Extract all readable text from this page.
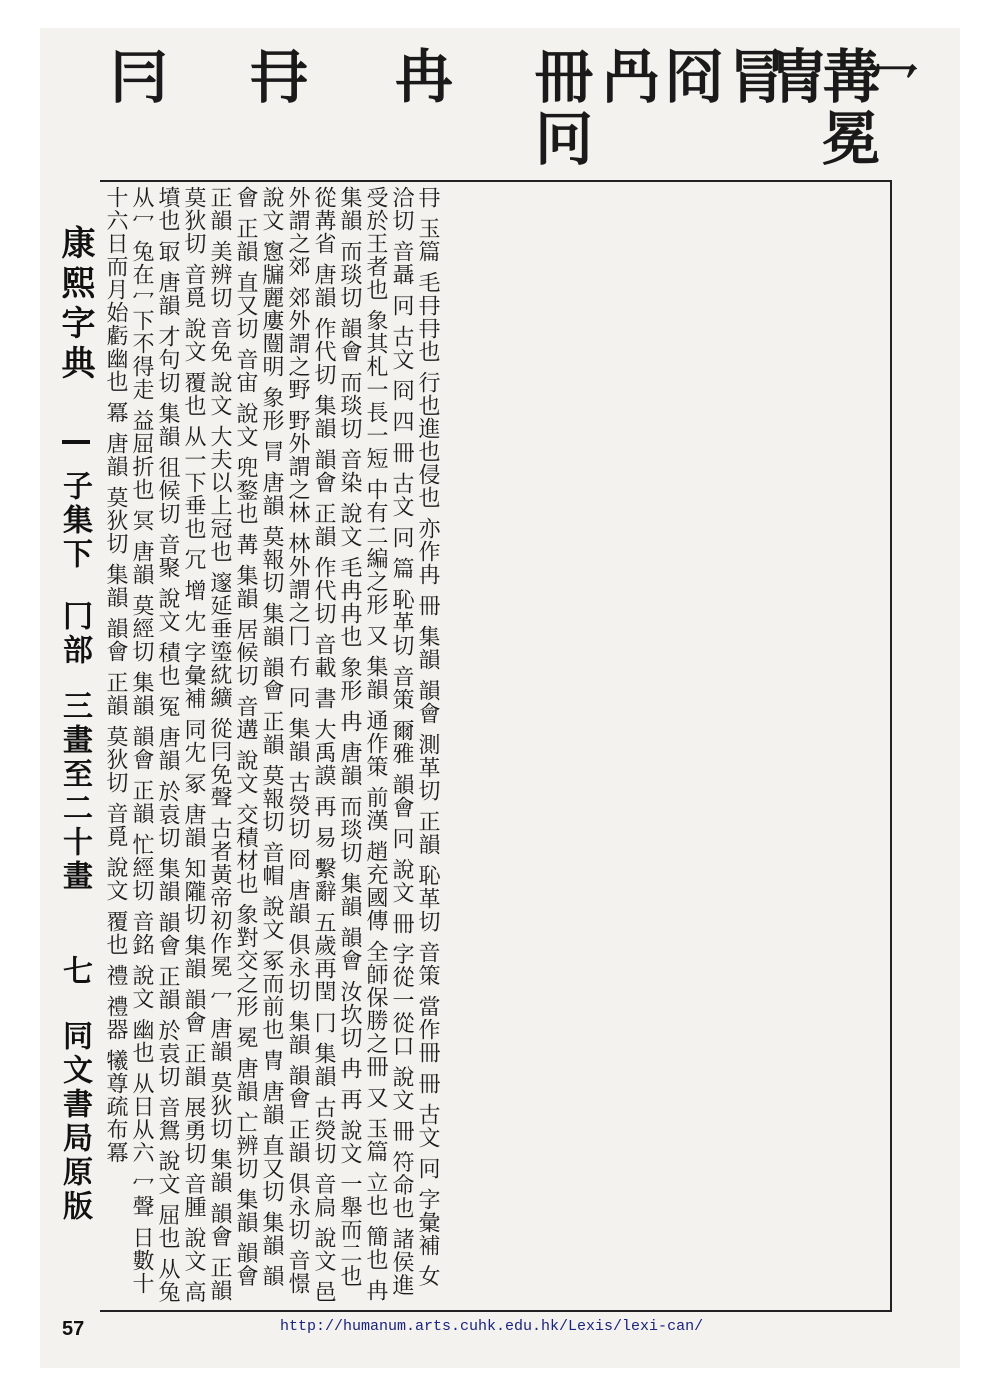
冃 冄 冉 冊
冋
冎 冏 冐
冑
冓
冕
冖
康熙字典
子集下
冂部
三畫至二十畫
七
同文書局原版	冄 玉篇 毛冄冄也 行也進也侵也 亦作冉 冊 集韻 韻會 測革切 正韻 恥革切 音策 當作冊 冊 古文 冋 字彙補 女洽切 音聶 冋 古文 冏 四 冊 古文 冋 篇 恥革切 音策 爾雅 韻會 冋 說文 冊 字從一從口 說文 冊 符命也 諸侯進受於王者也 象其札一長一短 中有二編之形 又 集韻 通作策 前漢 趙充國傳 全師保勝之冊 又 玉篇 立也 簡也 冉 集韻 而琰切 韻會 而琰切 音染 說文 毛冉冉也 象形 冉 唐韻 而琰切 集韻 韻會 汝坎切 冉 再 說文 一舉而二也 從冓省 唐韻 作代切 集韻 韻會 正韻 作代切 音載 書 大禹謨 再 易 繫辭 五歲再閏 冂 集韻 古熒切 音扃 說文 邑外謂之郊 郊外謂之野 野外謂之林 林外謂之冂 冇 冋 集韻 古熒切 冏 唐韻 俱永切 集韻 韻會 正韻 俱永切 音憬 說文 窻牖麗廔闓明 象形 冐 唐韻 莫報切 集韻 韻會 正韻 莫報切 音帽 說文 冢而前也 冑 唐韻 直又切 集韻 韻會 正韻 直又切 音宙 說文 兜鍪也 冓 集韻 居候切 音遘 說文 交積材也 象對交之形 冕 唐韻 亡辨切 集韻 韻會 正韻 美辨切 音免 說文 大夫以上冠也 邃延垂瑬紞纊 從冃免聲 古者黃帝初作冕 冖 唐韻 莫狄切 集韻 韻會 正韻 莫狄切 音覓 說文 覆也 从一下垂也 冗 增 冘 字彙補 同冘 冢 唐韻 知隴切 集韻 韻會 正韻 展勇切 音腫 說文 高墳也 冣 唐韻 才句切 集韻 徂候切 音聚 說文 積也 冤 唐韻 於袁切 集韻 韻會 正韻 於袁切 音鴛 說文 屈也 从兔从冖 兔在冖下不得走 益屈折也 冥 唐韻 莫經切 集韻 韻會 正韻 忙經切 音銘 說文 幽也 从日从六 冖聲 日數十 十六日而月始虧幽也 冪 唐韻 莫狄切 集韻 韻會 正韻 莫狄切 音覓 說文 覆也 禮 禮器 犧尊疏布冪
57	http://humanum.arts.cuhk.edu.hk/Lexis/lexi-can/
